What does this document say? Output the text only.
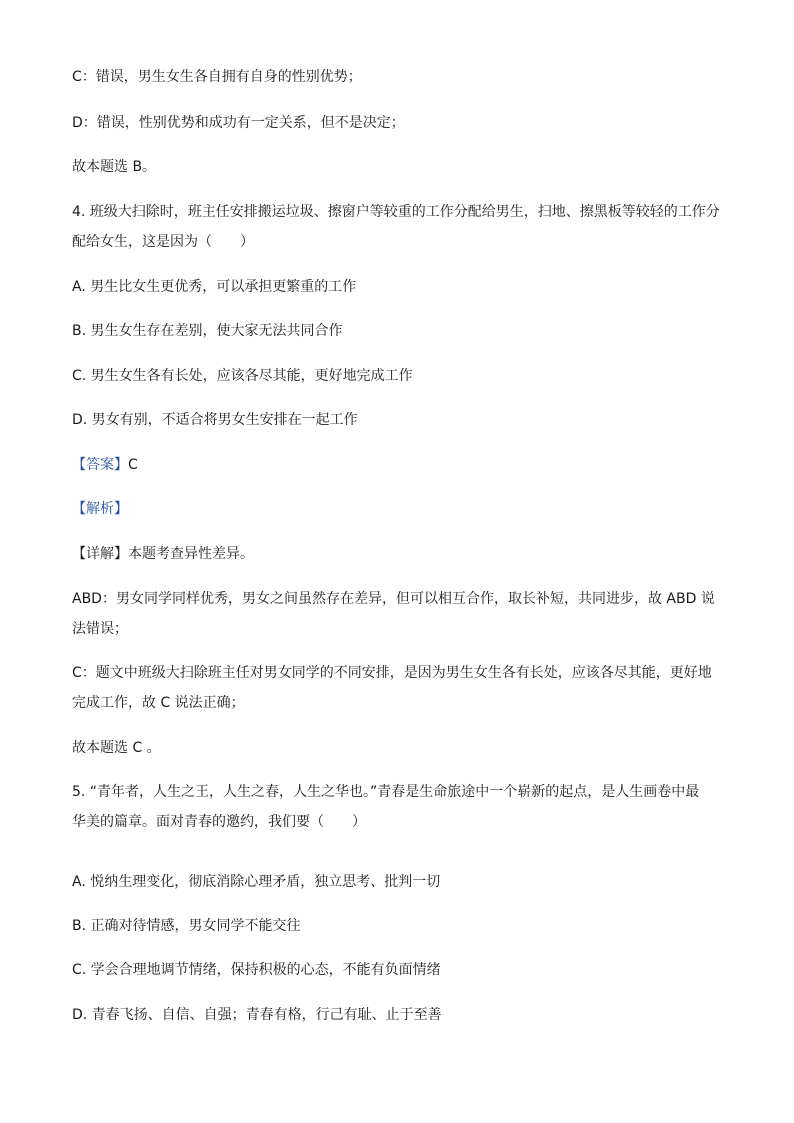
C：错误，男生女生各自拥有自身的性别优势；
D：错误，性别优势和成功有一定关系，但不是决定；
故本题选 B。
4. 班级大扫除时，班主任安排搬运垃圾、擦窗户等较重的工作分配给男生，扫地、擦黑板等较轻的工作分
配给女生，这是因为（　　）
A. 男生比女生更优秀，可以承担更繁重的工作
B. 男生女生存在差别，使大家无法共同合作
C. 男生女生各有长处，应该各尽其能，更好地完成工作
D. 男女有别，不适合将男女生安排在一起工作
【答案】C
【解析】
【详解】本题考查异性差异。
ABD：男女同学同样优秀，男女之间虽然存在差异，但可以相互合作，取长补短，共同进步，故 ABD 说
法错误；
C：题文中班级大扫除班主任对男女同学的不同安排，是因为男生女生各有长处，应该各尽其能，更好地
完成工作，故 C 说法正确；
故本题选 C 。
5. “青年者，人生之王，人生之春，人生之华也。”青春是生命旅途中一个崭新的起点，是人生画卷中最
华美的篇章。面对青春的邀约，我们要（　　）
A. 悦纳生理变化，彻底消除心理矛盾，独立思考、批判一切
B. 正确对待情感，男女同学不能交往
C. 学会合理地调节情绪，保持积极的心态，不能有负面情绪
D. 青春飞扬、自信、自强；青春有格，行己有耻、止于至善
